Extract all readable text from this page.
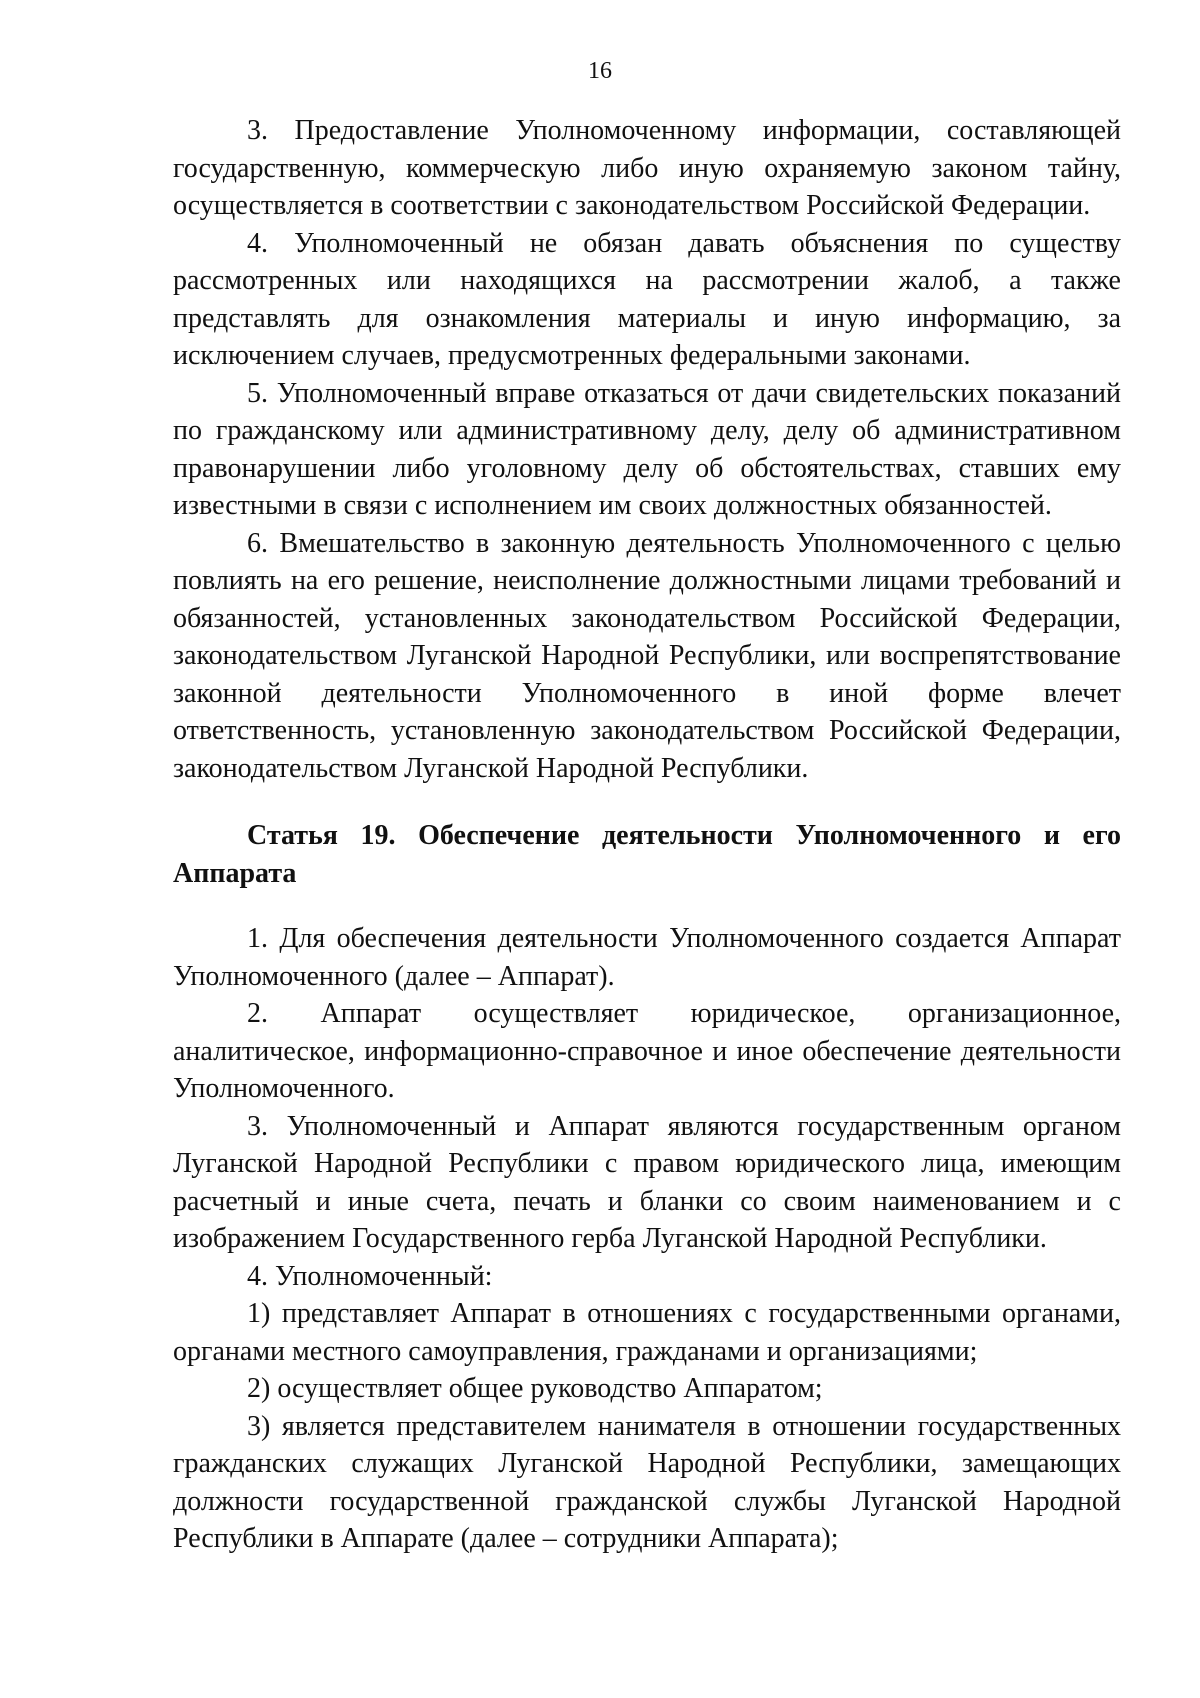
16

3. Предоставление Уполномоченному информации, составляющей государственную, коммерческую либо иную охраняемую законом тайну, осуществляется в соответствии с законодательством Российской Федерации.

4. Уполномоченный не обязан давать объяснения по существу рассмотренных или находящихся на рассмотрении жалоб, а также представлять для ознакомления материалы и иную информацию, за исключением случаев, предусмотренных федеральными законами.

5. Уполномоченный вправе отказаться от дачи свидетельских показаний по гражданскому или административному делу, делу об административном правонарушении либо уголовному делу об обстоятельствах, ставших ему известными в связи с исполнением им своих должностных обязанностей.

6. Вмешательство в законную деятельность Уполномоченного с целью повлиять на его решение, неисполнение должностными лицами требований и обязанностей, установленных законодательством Российской Федерации, законодательством Луганской Народной Республики, или воспрепятствование законной деятельности Уполномоченного в иной форме влечет ответственность, установленную законодательством Российской Федерации, законодательством Луганской Народной Республики.

Статья 19. Обеспечение деятельности Уполномоченного и его Аппарата

1. Для обеспечения деятельности Уполномоченного создается Аппарат Уполномоченного (далее – Аппарат).

2. Аппарат осуществляет юридическое, организационное, аналитическое, информационно-справочное и иное обеспечение деятельности Уполномоченного.

3. Уполномоченный и Аппарат являются государственным органом Луганской Народной Республики с правом юридического лица, имеющим расчетный и иные счета, печать и бланки со своим наименованием и с изображением Государственного герба Луганской Народной Республики.

4. Уполномоченный:

1) представляет Аппарат в отношениях с государственными органами, органами местного самоуправления, гражданами и организациями;

2) осуществляет общее руководство Аппаратом;

3) является представителем нанимателя в отношении государственных гражданских служащих Луганской Народной Республики, замещающих должности государственной гражданской службы Луганской Народной Республики в Аппарате (далее – сотрудники Аппарата);
